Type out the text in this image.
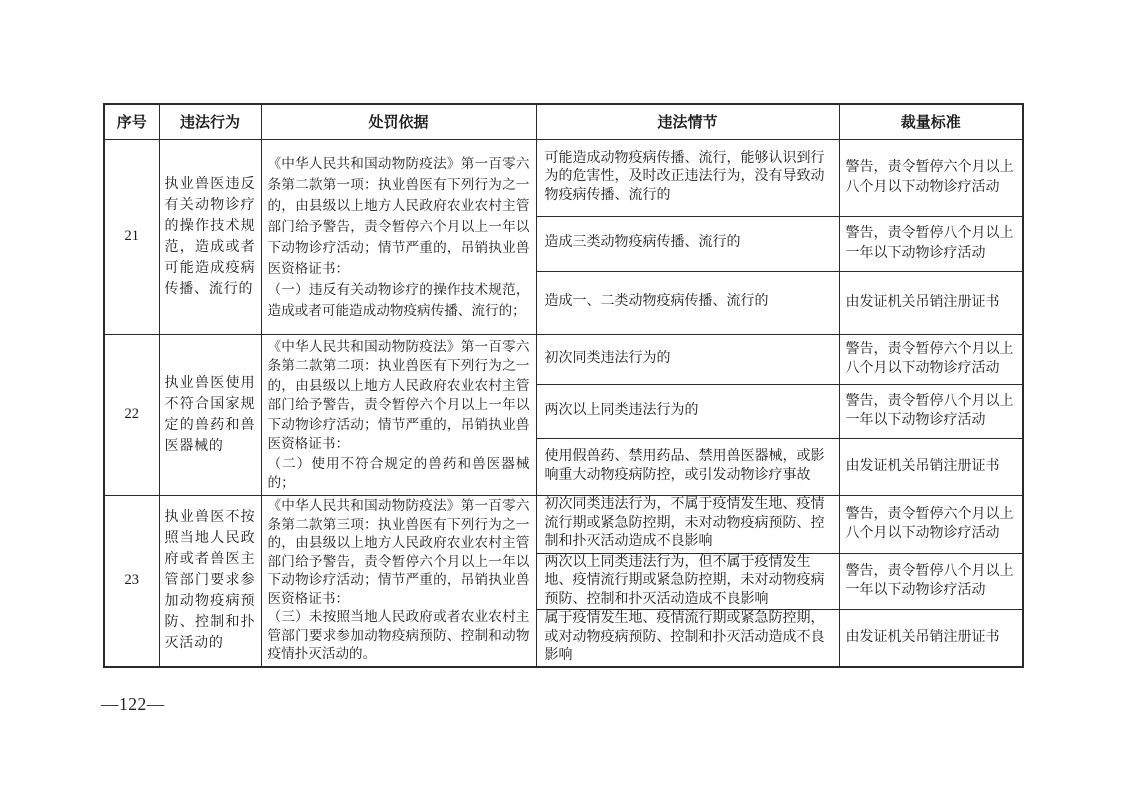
序号	违法行为	处罚依据	违法情节	裁量标准
21	执业兽医违反有关动物诊疗的操作技术规范，造成或者可能造成疫病传播、流行的	《中华人民共和国动物防疫法》第一百零六条第二款第一项：执业兽医有下列行为之一的，由县级以上地方人民政府农业农村主管部门给予警告，责令暂停六个月以上一年以下动物诊疗活动；情节严重的，吊销执业兽医资格证书：
（一）违反有关动物诊疗的操作技术规范，造成或者可能造成动物疫病传播、流行的；	可能造成动物疫病传播、流行，能够认识到行为的危害性，及时改正违法行为，没有导致动物疫病传播、流行的	警告，责令暂停六个月以上八个月以下动物诊疗活动
			造成三类动物疫病传播、流行的	警告，责令暂停八个月以上一年以下动物诊疗活动
			造成一、二类动物疫病传播、流行的	由发证机关吊销注册证书
22	执业兽医使用不符合国家规定的兽药和兽医器械的	《中华人民共和国动物防疫法》第一百零六条第二款第二项：执业兽医有下列行为之一的，由县级以上地方人民政府农业农村主管部门给予警告，责令暂停六个月以上一年以下动物诊疗活动；情节严重的，吊销执业兽医资格证书：
（二）使用不符合规定的兽药和兽医器械的；	初次同类违法行为的	警告，责令暂停六个月以上八个月以下动物诊疗活动
			两次以上同类违法行为的	警告，责令暂停八个月以上一年以下动物诊疗活动
			使用假兽药、禁用药品、禁用兽医器械，或影响重大动物疫病防控，或引发动物诊疗事故	由发证机关吊销注册证书
23	执业兽医不按照当地人民政府或者兽医主管部门要求参加动物疫病预防、控制和扑灭活动的	《中华人民共和国动物防疫法》第一百零六条第二款第三项：执业兽医有下列行为之一的，由县级以上地方人民政府农业农村主管部门给予警告，责令暂停六个月以上一年以下动物诊疗活动；情节严重的，吊销执业兽医资格证书：
（三）未按照当地人民政府或者农业农村主管部门要求参加动物疫病预防、控制和动物疫情扑灭活动的。	初次同类违法行为，不属于疫情发生地、疫情流行期或紧急防控期，未对动物疫病预防、控制和扑灭活动造成不良影响	警告，责令暂停六个月以上八个月以下动物诊疗活动
			两次以上同类违法行为，但不属于疫情发生地、疫情流行期或紧急防控期，未对动物疫病预防、控制和扑灭活动造成不良影响	警告，责令暂停八个月以上一年以下动物诊疗活动
			属于疫情发生地、疫情流行期或紧急防控期，或对动物疫病预防、控制和扑灭活动造成不良影响	由发证机关吊销注册证书
—122—
